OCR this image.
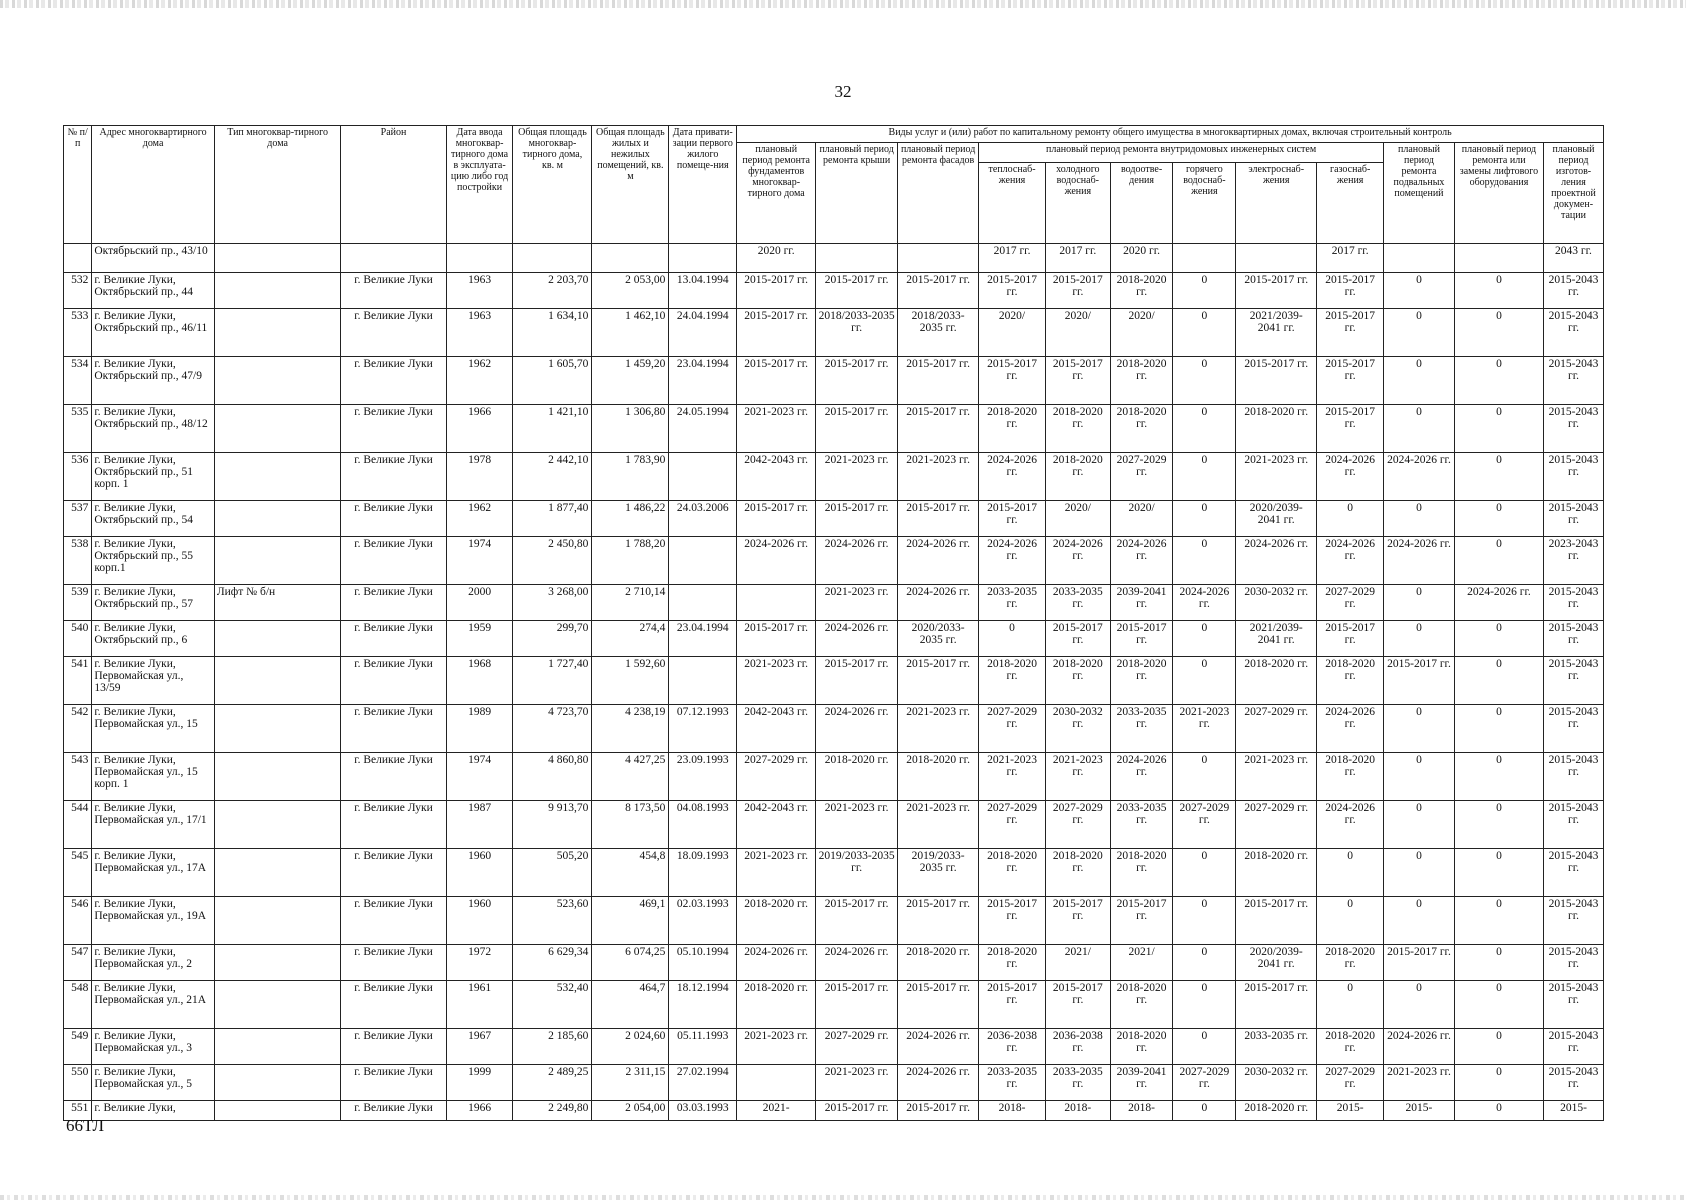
32
№ п/п	Адрес многоквартирного дома	Тип многоквар-тирного дома	Район	Дата ввода многоквар-тирного дома в эксплуата-цию либо год постройки	Общая площадь многоквар-тирного дома, кв. м	Общая площадь жилых и нежилых помещений, кв. м	Дата привати-зации первого жилого помеще-ния	Виды услуг и (или) работ по капитальному ремонту общего имущества в многоквартирных домах, включая строительный контроль											
								плановый период ремонта фундаментов многоквар-тирного дома	плановый период ремонта крыши	плановый период ремонта фасадов	плановый период ремонта внутридомовых инженерных систем						плановый период ремонта подвальных помещений	плановый период ремонта или замены лифтового оборудования	плановый период изготов-ления проектной докумен-тации
											теплоснаб-жения	холодного водоснаб-жения	водоотве-дения	горячего водоснаб-жения	электроснаб-жения	газоснаб-жения			
	Октябрьский пр., 43/10							2020 гг.			2017 гг.	2017 гг.	2020 гг.			2017 гг.			2043 гг.
532	г. Великие Луки, Октябрьский пр., 44		г. Великие Луки	1963	2 203,70	2 053,00	13.04.1994	2015-2017 гг.	2015-2017 гг.	2015-2017 гг.	2015-2017 гг.	2015-2017 гг.	2018-2020 гг.	0	2015-2017 гг.	2015-2017 гг.	0	0	2015-2043 гг.
533	г. Великие Луки, Октябрьский пр., 46/11		г. Великие Луки	1963	1 634,10	1 462,10	24.04.1994	2015-2017 гг.	2018/2033-2035 гг.	2018/2033-2035 гг.	2020/	2020/	2020/	0	2021/2039-2041 гг.	2015-2017 гг.	0	0	2015-2043 гг.
534	г. Великие Луки, Октябрьский пр., 47/9		г. Великие Луки	1962	1 605,70	1 459,20	23.04.1994	2015-2017 гг.	2015-2017 гг.	2015-2017 гг.	2015-2017 гг.	2015-2017 гг.	2018-2020 гг.	0	2015-2017 гг.	2015-2017 гг.	0	0	2015-2043 гг.
535	г. Великие Луки, Октябрьский пр., 48/12		г. Великие Луки	1966	1 421,10	1 306,80	24.05.1994	2021-2023 гг.	2015-2017 гг.	2015-2017 гг.	2018-2020 гг.	2018-2020 гг.	2018-2020 гг.	0	2018-2020 гг.	2015-2017 гг.	0	0	2015-2043 гг.
536	г. Великие Луки, Октябрьский пр., 51 корп. 1		г. Великие Луки	1978	2 442,10	1 783,90		2042-2043 гг.	2021-2023 гг.	2021-2023 гг.	2024-2026 гг.	2018-2020 гг.	2027-2029 гг.	0	2021-2023 гг.	2024-2026 гг.	2024-2026 гг.	0	2015-2043 гг.
537	г. Великие Луки, Октябрьский пр., 54		г. Великие Луки	1962	1 877,40	1 486,22	24.03.2006	2015-2017 гг.	2015-2017 гг.	2015-2017 гг.	2015-2017 гг.	2020/	2020/	0	2020/2039-2041 гг.	0	0	0	2015-2043 гг.
538	г. Великие Луки, Октябрьский пр., 55 корп.1		г. Великие Луки	1974	2 450,80	1 788,20		2024-2026 гг.	2024-2026 гг.	2024-2026 гг.	2024-2026 гг.	2024-2026 гг.	2024-2026 гг.	0	2024-2026 гг.	2024-2026 гг.	2024-2026 гг.	0	2023-2043 гг.
539	г. Великие Луки, Октябрьский пр., 57	Лифт № б/н	г. Великие Луки	2000	3 268,00	2 710,14			2021-2023 гг.	2024-2026 гг.	2033-2035 гг.	2033-2035 гг.	2039-2041 гг.	2024-2026 гг.	2030-2032 гг.	2027-2029 гг.	0	2024-2026 гг.	2015-2043 гг.
540	г. Великие Луки, Октябрьский пр., 6		г. Великие Луки	1959	299,70	274,4	23.04.1994	2015-2017 гг.	2024-2026 гг.	2020/2033-2035 гг.	0	2015-2017 гг.	2015-2017 гг.	0	2021/2039-2041 гг.	2015-2017 гг.	0	0	2015-2043 гг.
541	г. Великие Луки, Первомайская ул., 13/59		г. Великие Луки	1968	1 727,40	1 592,60		2021-2023 гг.	2015-2017 гг.	2015-2017 гг.	2018-2020 гг.	2018-2020 гг.	2018-2020 гг.	0	2018-2020 гг.	2018-2020 гг.	2015-2017 гг.	0	2015-2043 гг.
542	г. Великие Луки, Первомайская ул., 15		г. Великие Луки	1989	4 723,70	4 238,19	07.12.1993	2042-2043 гг.	2024-2026 гг.	2021-2023 гг.	2027-2029 гг.	2030-2032 гг.	2033-2035 гг.	2021-2023 гг.	2027-2029 гг.	2024-2026 гг.	0	0	2015-2043 гг.
543	г. Великие Луки, Первомайская ул., 15 корп. 1		г. Великие Луки	1974	4 860,80	4 427,25	23.09.1993	2027-2029 гг.	2018-2020 гг.	2018-2020 гг.	2021-2023 гг.	2021-2023 гг.	2024-2026 гг.	0	2021-2023 гг.	2018-2020 гг.	0	0	2015-2043 гг.
544	г. Великие Луки, Первомайская ул., 17/1		г. Великие Луки	1987	9 913,70	8 173,50	04.08.1993	2042-2043 гг.	2021-2023 гг.	2021-2023 гг.	2027-2029 гг.	2027-2029 гг.	2033-2035 гг.	2027-2029 гг.	2027-2029 гг.	2024-2026 гг.	0	0	2015-2043 гг.
545	г. Великие Луки, Первомайская ул., 17А		г. Великие Луки	1960	505,20	454,8	18.09.1993	2021-2023 гг.	2019/2033-2035 гг.	2019/2033-2035 гг.	2018-2020 гг.	2018-2020 гг.	2018-2020 гг.	0	2018-2020 гг.	0	0	0	2015-2043 гг.
546	г. Великие Луки, Первомайская ул., 19А		г. Великие Луки	1960	523,60	469,1	02.03.1993	2018-2020 гг.	2015-2017 гг.	2015-2017 гг.	2015-2017 гг.	2015-2017 гг.	2015-2017 гг.	0	2015-2017 гг.	0	0	0	2015-2043 гг.
547	г. Великие Луки, Первомайская ул., 2		г. Великие Луки	1972	6 629,34	6 074,25	05.10.1994	2024-2026 гг.	2024-2026 гг.	2018-2020 гг.	2018-2020 гг.	2021/	2021/	0	2020/2039-2041 гг.	2018-2020 гг.	2015-2017 гг.	0	2015-2043 гг.
548	г. Великие Луки, Первомайская ул., 21А		г. Великие Луки	1961	532,40	464,7	18.12.1994	2018-2020 гг.	2015-2017 гг.	2015-2017 гг.	2015-2017 гг.	2015-2017 гг.	2018-2020 гг.	0	2015-2017 гг.	0	0	0	2015-2043 гг.
549	г. Великие Луки, Первомайская ул., 3		г. Великие Луки	1967	2 185,60	2 024,60	05.11.1993	2021-2023 гг.	2027-2029 гг.	2024-2026 гг.	2036-2038 гг.	2036-2038 гг.	2018-2020 гг.	0	2033-2035 гг.	2018-2020 гг.	2024-2026 гг.	0	2015-2043 гг.
550	г. Великие Луки, Первомайская ул., 5		г. Великие Луки	1999	2 489,25	2 311,15	27.02.1994		2021-2023 гг.	2024-2026 гг.	2033-2035 гг.	2033-2035 гг.	2039-2041 гг.	2027-2029 гг.	2030-2032 гг.	2027-2029 гг.	2021-2023 гг.	0	2015-2043 гг.
551	г. Великие Луки,		г. Великие Луки	1966	2 249,80	2 054,00	03.03.1993	2021-	2015-2017 гг.	2015-2017 гг.	2018-	2018-	2018-	0	2018-2020 гг.	2015-	2015-	0	2015-
66ТЛ
